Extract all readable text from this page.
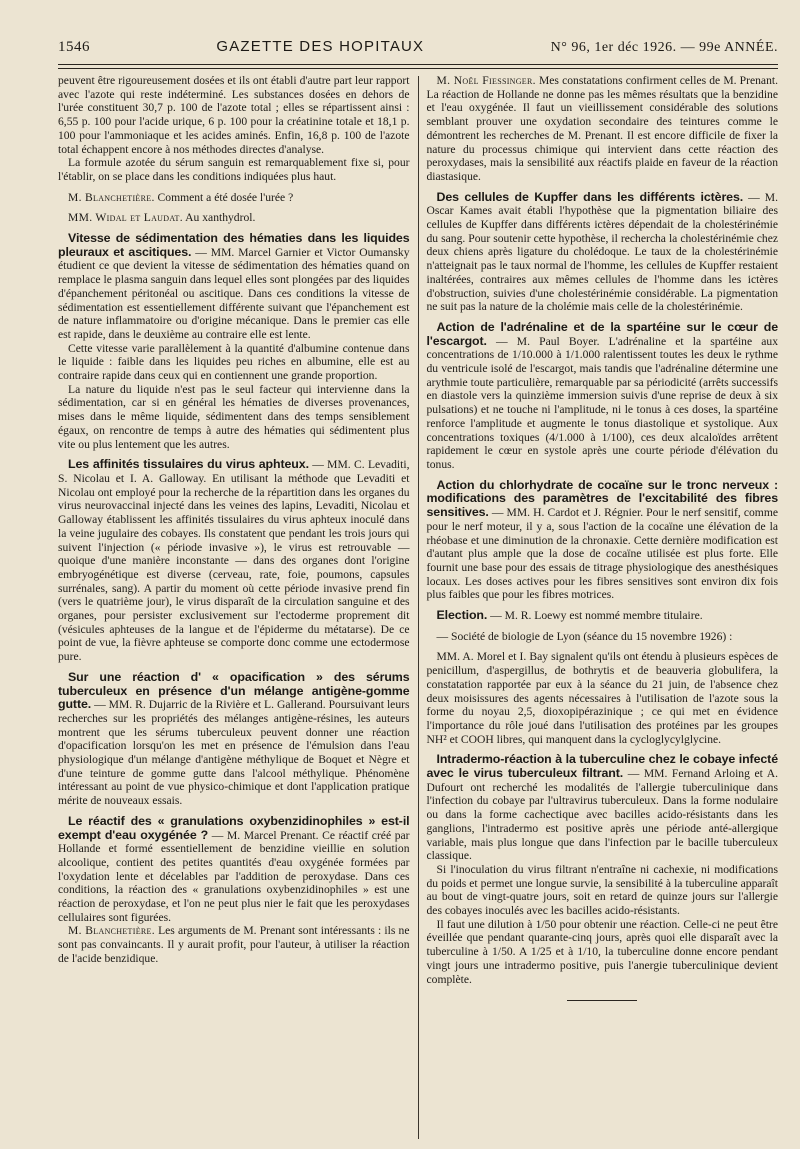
1546	GAZETTE DES HOPITAUX	N° 96, 1er déc 1926. — 99e ANNÉE.

peuvent être rigoureusement dosées et ils ont établi d'autre part leur rapport avec l'azote qui reste indéterminé. Les substances dosées en dehors de l'urée constituent 30,7 p. 100 de l'azote total ; elles se répartissent ainsi : 6,55 p. 100 pour l'acide urique, 6 p. 100 pour la créatinine totale et 18,1 p. 100 pour l'ammoniaque et les acides aminés. Enfin, 16,8 p. 100 de l'azote total échappent encore à nos méthodes directes d'analyse.

La formule azotée du sérum sanguin est remarquablement fixe si, pour l'établir, on se place dans les conditions indiquées plus haut.

M. Blanchetière. Comment a été dosée l'urée ?

MM. Widal et Laudat. Au xanthydrol.

Vitesse de sédimentation des hématies dans les liquides pleuraux et ascitiques. — MM. Marcel Garnier et Victor Oumansky étudient ce que devient la vitesse de sédimentation des hématies quand on remplace le plasma sanguin dans lequel elles sont plongées par des liquides d'épanchement péritonéal ou ascitique. Dans ces conditions la vitesse de sédimentation est essentiellement différente suivant que l'épanchement est de nature inflammatoire ou d'origine mécanique. Dans le premier cas elle est rapide, dans le deuxième au contraire elle est lente.

Cette vitesse varie parallèlement à la quantité d'albumine contenue dans le liquide : faible dans les liquides peu riches en albumine, elle est au contraire rapide dans ceux qui en contiennent une grande proportion.

La nature du liquide n'est pas le seul facteur qui intervienne dans la sédimentation, car si en général les hématies de diverses provenances, mises dans le même liquide, sédimentent dans des temps sensiblement égaux, on rencontre de temps à autre des hématies qui sédimentent plus vite ou plus lentement que les autres.

Les affinités tissulaires du virus aphteux. — MM. C. Levaditi, S. Nicolau et I. A. Galloway. En utilisant la méthode que Levaditi et Nicolau ont employé pour la recherche de la répartition dans les organes du virus neurovaccinal injecté dans les veines des lapins, Levaditi, Nicolau et Galloway établissent les affinités tissulaires du virus aphteux inoculé dans la veine jugulaire des cobayes. Ils constatent que pendant les trois jours qui suivent l'injection (« période invasive »), le virus est retrouvable — quoique d'une manière inconstante — dans des organes dont l'origine embryogénétique est diverse (cerveau, rate, foie, poumons, capsules surrénales, sang). A partir du moment où cette période invasive prend fin (vers le quatrième jour), le virus disparaît de la circulation sanguine et des organes, pour persister exclusivement sur l'ectoderme proprement dit (vésicules aphteuses de la langue et de l'épiderme du métatarse). De ce point de vue, la fièvre aphteuse se comporte donc comme une ectodermose pure.

Sur une réaction d' « opacification » des sérums tuberculeux en présence d'un mélange antigène-gomme gutte. — MM. R. Dujarric de la Rivière et L. Gallerand. Poursuivant leurs recherches sur les propriétés des mélanges antigène-résines, les auteurs montrent que les sérums tuberculeux peuvent donner une réaction d'opacification lorsqu'on les met en présence de l'émulsion dans l'eau physiologique d'un mélange d'antigène méthylique de Boquet et Nègre et d'une teinture de gomme gutte dans l'alcool méthylique. Phénomène intéressant au point de vue physico-chimique et dont l'application pratique mérite de nouveaux essais.

Le réactif des « granulations oxybenzidinophiles » est-il exempt d'eau oxygénée ? — M. Marcel Prenant. Ce réactif créé par Hollande et formé essentiellement de benzidine vieillie en solution alcoolique, contient des petites quantités d'eau oxygénée formées par l'oxydation lente et décelables par l'addition de peroxydase. Dans ces conditions, la réaction des « granulations oxybenzidinophiles » est une réaction de peroxydase, et l'on ne peut plus nier le fait que les peroxydases cellulaires sont figurées.

M. Blanchetière. Les arguments de M. Prenant sont intéressants : ils ne sont pas convaincants. Il y aurait profit, pour l'auteur, à utiliser la réaction de l'acide benzidique.

M. Noël Fiessinger. Mes constatations confirment celles de M. Prenant. La réaction de Hollande ne donne pas les mêmes résultats que la benzidine et l'eau oxygénée. Il faut un vieillissement considérable des solutions semblant prouver une oxydation secondaire des teintures comme le démontrent les recherches de M. Prenant. Il est encore difficile de fixer la nature du processus chimique qui intervient dans cette réaction des peroxydases, mais la sensibilité aux réactifs plaide en faveur de la réaction diastasique.

Des cellules de Kupffer dans les différents ictères. — M. Oscar Kames avait établi l'hypothèse que la pigmentation biliaire des cellules de Kupffer dans différents ictères dépendait de la cholestérinémie du sang. Pour soutenir cette hypothèse, il rechercha la cholestérinémie chez deux chiens après ligature du cholédoque. Le taux de la cholestérinémie n'atteignait pas le taux normal de l'homme, les cellules de Kupffer restaient inaltérées, contraires aux mêmes cellules de l'homme dans les ictères d'obstruction, suivies d'une cholestérinémie considérable. La pigmentation ne suit pas la nature de la cholémie mais celle de la cholestérinémie.

Action de l'adrénaline et de la spartéine sur le cœur de l'escargot. — M. Paul Boyer. L'adrénaline et la spartéine aux concentrations de 1/10.000 à 1/1.000 ralentissent toutes les deux le rythme du ventricule isolé de l'escargot, mais tandis que l'adrénaline détermine une arythmie toute particulière, remarquable par sa périodicité (arrêts successifs en diastole vers la quinzième immersion suivis d'une reprise de deux à six pulsations) et ne touche ni l'amplitude, ni le tonus à ces doses, la spartéine renforce l'amplitude et augmente le tonus diastolique et systolique. Aux concentrations toxiques (4/1.000 à 1/100), ces deux alcaloïdes arrêtent rapidement le cœur en systole après une courte période d'élévation du tonus.

Action du chlorhydrate de cocaïne sur le tronc nerveux : modifications des paramètres de l'excitabilité des fibres sensitives. — MM. H. Cardot et J. Régnier. Pour le nerf sensitif, comme pour le nerf moteur, il y a, sous l'action de la cocaïne une élévation de la rhéobase et une diminution de la chronaxie. Cette dernière modification est d'autant plus ample que la dose de cocaïne utilisée est plus forte. Elle fournit une base pour des essais de titrage physiologique des anesthésiques locaux. Les doses actives pour les fibres sensitives sont environ dix fois plus faibles que pour les fibres motrices.

Election. — M. R. Loewy est nommé membre titulaire.

— Société de biologie de Lyon (séance du 15 novembre 1926) :

MM. A. Morel et I. Bay signalent qu'ils ont étendu à plusieurs espèces de penicillum, d'aspergillus, de bothrytis et de beauveria globulifera, la constatation rapportée par eux à la séance du 21 juin, de l'absence chez deux moisissures des agents nécessaires à l'utilisation de l'azote sous la forme du noyau 2,5, dioxopipérazinique ; ce qui met en évidence l'importance du rôle joué dans l'utilisation des protéines par les groupes NH² et COOH libres, qui manquent dans la cycloglycylglycine.

Intradermo-réaction à la tuberculine chez le cobaye infecté avec le virus tuberculeux filtrant. — MM. Fernand Arloing et A. Dufourt ont recherché les modalités de l'allergie tuberculinique dans l'infection du cobaye par l'ultravirus tuberculeux. Dans la forme nodulaire ou dans la forme cachectique avec bacilles acido-résistants dans les ganglions, l'intradermo est positive après une période anté-allergique variable, mais plus longue que dans l'infection par le bacille tuberculeux classique.

Si l'inoculation du virus filtrant n'entraîne ni cachexie, ni modifications du poids et permet une longue survie, la sensibilité à la tuberculine apparaît au bout de vingt-quatre jours, soit en retard de quinze jours sur l'allergie des cobayes inoculés avec les bacilles acido-résistants.

Il faut une dilution à 1/50 pour obtenir une réaction. Celle-ci ne peut être éveillée que pendant quarante-cinq jours, après quoi elle disparaît avec la tuberculine à 1/50. A 1/25 et à 1/10, la tuberculine donne encore pendant vingt jours une intradermo positive, puis l'anergie tuberculinique devient complète.
